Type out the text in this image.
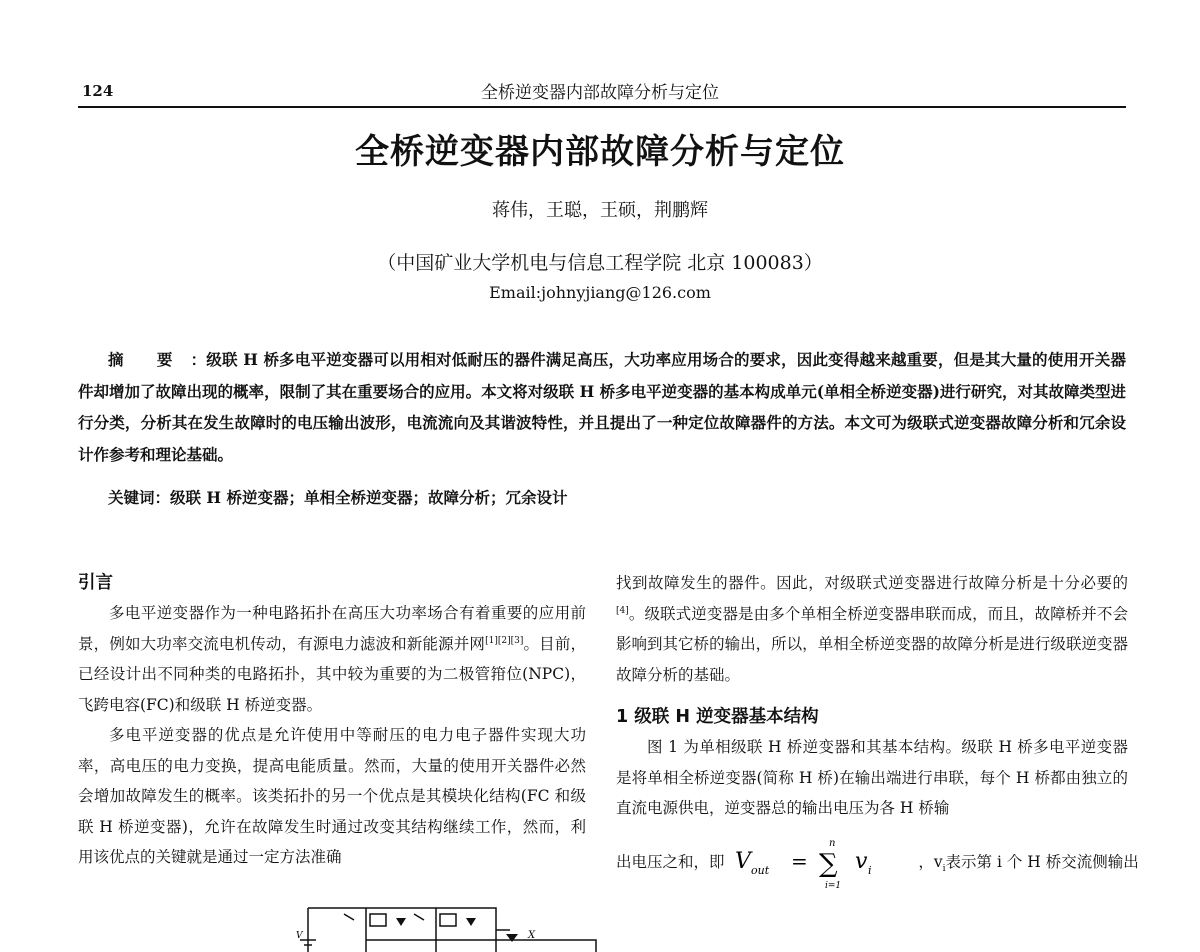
124	全桥逆变器内部故障分析与定位
全桥逆变器内部故障分析与定位
蒋伟，王聪，王硕，荆鹏辉
（中国矿业大学机电与信息工程学院 北京 100083）
Email:johnyjiang@126.com
摘 要 ：级联 H 桥多电平逆变器可以用相对低耐压的器件满足高压，大功率应用场合的要求，因此变得越来越重要，但是其大量的使用开关器件却增加了故障出现的概率，限制了其在重要场合的应用。本文将对级联 H 桥多电平逆变器的基本构成单元(单相全桥逆变器)进行研究，对其故障类型进行分类，分析其在发生故障时的电压输出波形，电流流向及其谐波特性，并且提出了一种定位故障器件的方法。本文可为级联式逆变器故障分析和冗余设计作参考和理论基础。
关键词：级联 H 桥逆变器；单相全桥逆变器；故障分析；冗余设计
引言

多电平逆变器作为一种电路拓扑在高压大功率场合有着重要的应用前景，例如大功率交流电机传动，有源电力滤波和新能源并网[1][2][3]。目前，已经设计出不同种类的电路拓扑，其中较为重要的为二极管箝位(NPC)，飞跨电容(FC)和级联 H 桥逆变器。

多电平逆变器的优点是允许使用中等耐压的电力电子器件实现大功率，高电压的电力变换，提高电能质量。然而，大量的使用开关器件必然会增加故障发生的概率。该类拓扑的另一个优点是其模块化结构(FC 和级联 H 桥逆变器)，允许在故障发生时通过改变其结构继续工作，然而，利用该优点的关键就是通过一定方法准确

找到故障发生的器件。因此，对级联式逆变器进行故障分析是十分必要的[4]。级联式逆变器是由多个单相全桥逆变器串联而成，而且，故障桥并不会影响到其它桥的输出，所以，单相全桥逆变器的故障分析是进行级联逆变器故障分析的基础。

1 级联 H 逆变器基本结构

图 1 为单相级联 H 桥逆变器和其基本结构。级联 H 桥多电平逆变器是将单相全桥逆变器(简称 H 桥)在输出端进行串联，每个 H 桥都由独立的直流电源供电，逆变器总的输出电压为各 H 桥输

出电压之和，即 V out =
n
∑
i=1
v i	，$v_i$表示第 i 个 H 桥交流侧输出
V	X
